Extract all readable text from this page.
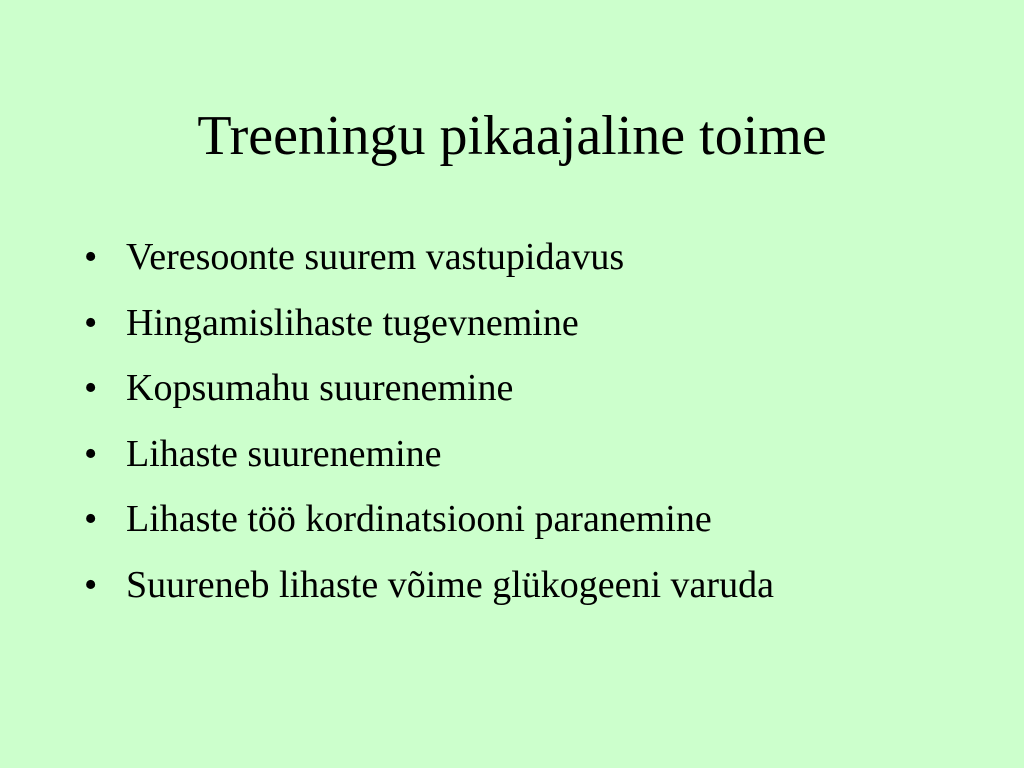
Treeningu pikaajaline toime
• Veresoonte suurem vastupidavus
• Hingamislihaste tugevnemine
• Kopsumahu suurenemine
• Lihaste suurenemine
• Lihaste töö kordinatsiooni paranemine
• Suureneb lihaste võime glükogeeni varuda
